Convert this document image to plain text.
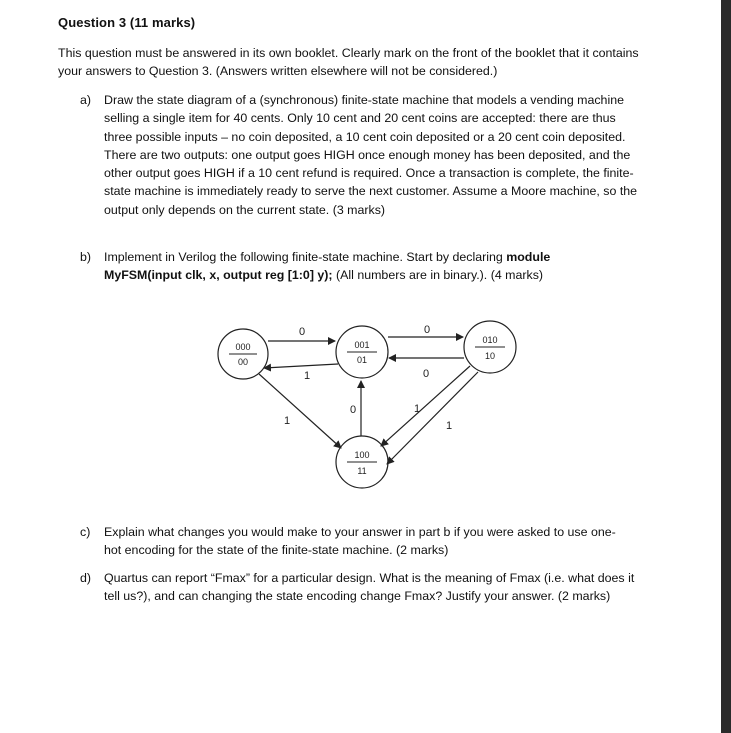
Question 3 (11 marks)
This question must be answered in its own booklet. Clearly mark on the front of the booklet that it contains your answers to Question 3. (Answers written elsewhere will not be considered.)
a)	Draw the state diagram of a (synchronous) finite-state machine that models a vending machine selling a single item for 40 cents. Only 10 cent and 20 cent coins are accepted: there are thus three possible inputs – no coin deposited, a 10 cent coin deposited or a 20 cent coin deposited. There are two outputs: one output goes HIGH once enough money has been deposited, and the other output goes HIGH if a 10 cent refund is required. Once a transaction is complete, the finite-state machine is immediately ready to serve the next customer. Assume a Moore machine, so the output only depends on the current state. (3 marks)
b)	Implement in Verilog the following finite-state machine. Start by declaring module MyFSM(input clk, x, output reg [1:0] y); (All numbers are in binary.). (4 marks)
000
00
001
01
010
10
100
11
0
1
0
0
1
0	1
1
c)	Explain what changes you would make to your answer in part b if you were asked to use one-hot encoding for the state of the finite-state machine. (2 marks)
d)	Quartus can report “Fmax” for a particular design. What is the meaning of Fmax (i.e. what does it tell us?), and can changing the state encoding change Fmax? Justify your answer. (2 marks)
